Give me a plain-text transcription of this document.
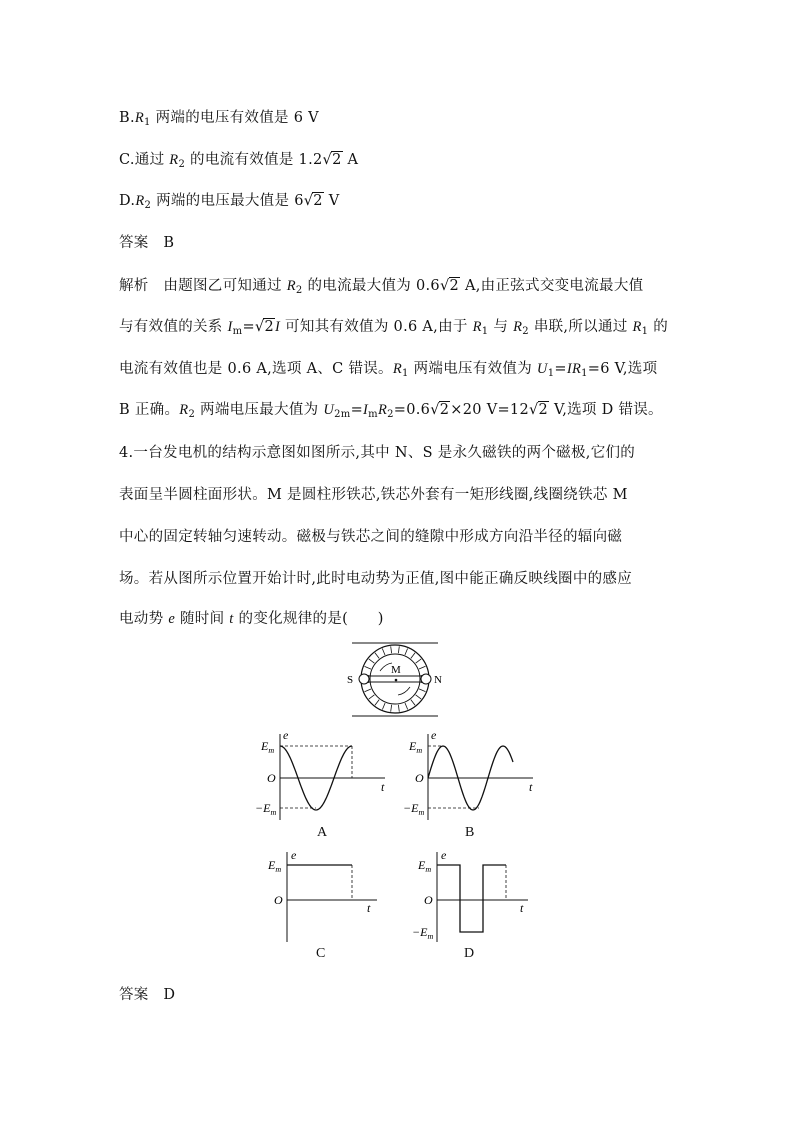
$B.R_1$ 两端的电压有效值是 6 V
C.通过 $R_2$ 的电流有效值是 1.2√2 A
$D.R_2$ 两端的电压最大值是 6√2 V
答案　B
解析　由题图乙可知通过 $R_2$ 的电流最大值为 0.6√2 A,由正弦式交变电流最大值
与有效值的关系 $I_m=√2I$ 可知其有效值为 0.6 A,由于 $R_1$ 与 $R_2$ 串联,所以通过 $R_1$ 的
电流有效值也是 0.6 A,选项 A、C 错误。$R_1$ 两端电压有效值为 $U_1=IR_1=6$ V,选项
B 正确。$R_2$ 两端电压最大值为 $U_{2m}=I_mR_2=0.6√2\times 20$ V=12√2 V,选项 D 错误。
4.一台发电机的结构示意图如图所示,其中 N、S 是永久磁铁的两个磁极,它们的
表面呈半圆柱面形状。M 是圆柱形铁芯,铁芯外套有一矩形线圈,线圈绕铁芯 M
中心的固定转轴匀速转动。磁极与铁芯之间的缝隙中形成方向沿半径的辐向磁
场。若从图所示位置开始计时,此时电动势为正值,图中能正确反映线圈中的感应
电动势 e 随时间 t 的变化规律的是(　　)
M
S	N
e
t
O
$E_m$
$-E_m$
A
e
t
O
$E_m$
$-E_m$
B
e
t
O
$E_m$
C
e
t
O
$E_m$
$-E_m$
D
答案　D
